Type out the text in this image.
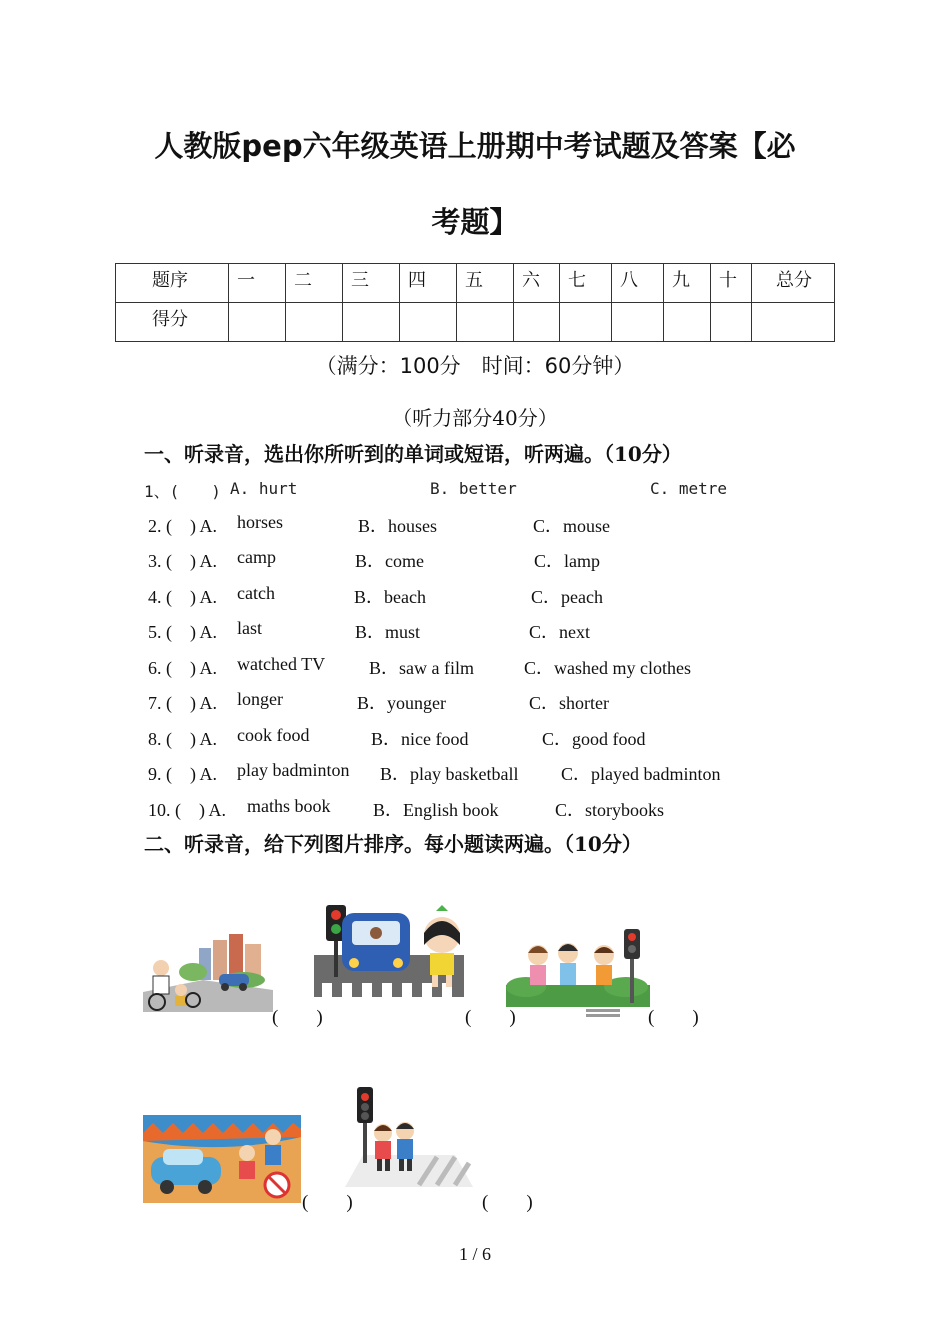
人教版pep六年级英语上册期中考试题及答案【必
考题】
题序	一	二	三	四	五	六	七	八	九	十	总分
得分											
（满分：100分　时间：60分钟）
（听力部分40分）
一、听录音，选出你所听到的单词或短语，听两遍。（10分）
1、(　　) A. hurt	B. better	C. metre
2. (　) A. horses	B．houses	C．mouse
3. (　) A. camp	B．come	C．lamp
4. (　) A. catch	B．beach	C．peach
5. (　) A. last	B．must	C．next
6. (　) A. watched TV B．saw a film	C．washed my clothes
7. (　) A. longer	B．younger	C．shorter
8. (　) A. cook food	B．nice food	C．good food
9. (　) A. play badminton B．play basketball C．played badminton
10. (　) A. maths book B．English book	C．storybooks
二、听录音，给下列图片排序。每小题读两遍。（10分）
(　　)	(　　)	(　　)
(　　)	(　　)
1 / 6
